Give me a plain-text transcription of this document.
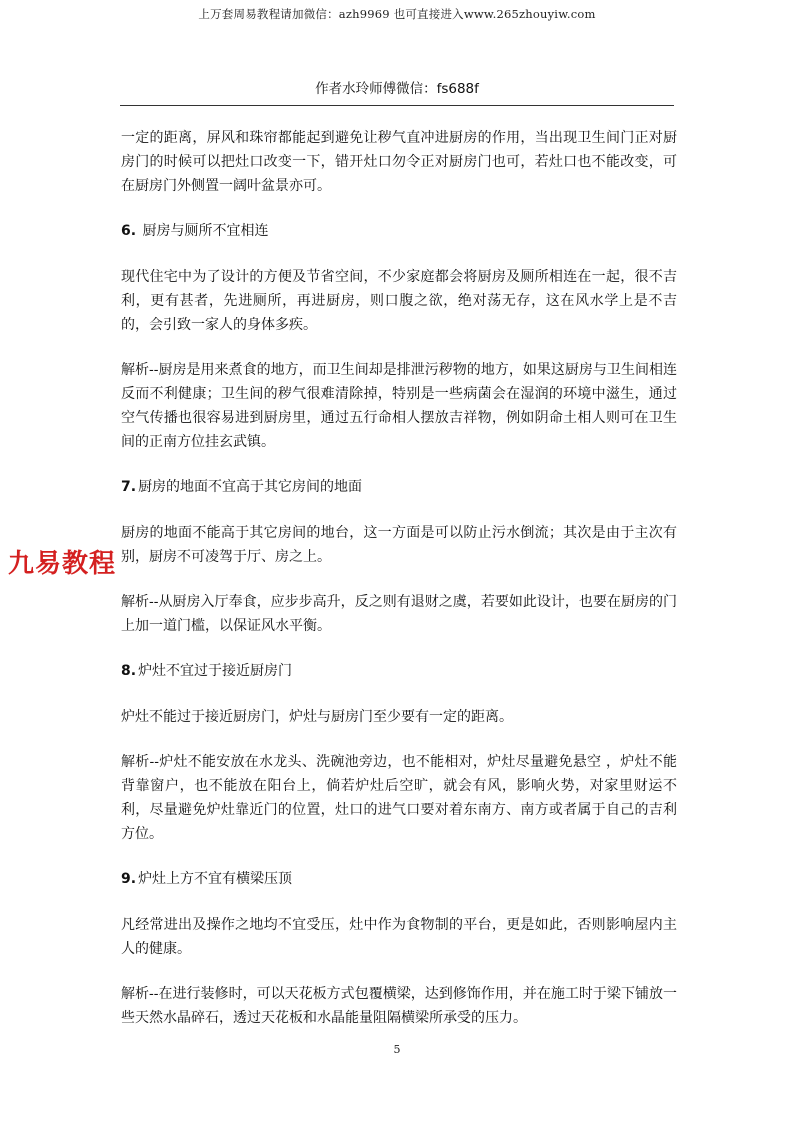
上万套周易教程请加微信：azh9969 也可直接进入www.265zhouyiw.com
作者水玲师傅微信：fs688f

一定的距离，屏风和珠帘都能起到避免让秽气直冲进厨房的作用，当出现卫生间门正对厨房门的时候可以把灶口改变一下，错开灶口勿令正对厨房门也可，若灶口也不能改变，可在厨房门外侧置一阔叶盆景亦可。

6. 厨房与厕所不宜相连

现代住宅中为了设计的方便及节省空间，不少家庭都会将厨房及厕所相连在一起，很不吉利，更有甚者，先进厕所，再进厨房，则口腹之欲，绝对荡无存，这在风水学上是不吉的，会引致一家人的身体多疾。

解析--厨房是用来煮食的地方，而卫生间却是排泄污秽物的地方，如果这厨房与卫生间相连反而不利健康；卫生间的秽气很难清除掉，特别是一些病菌会在湿润的环境中滋生，通过空气传播也很容易进到厨房里，通过五行命相人摆放吉祥物，例如阴命土相人则可在卫生间的正南方位挂玄武镇。

7. 厨房的地面不宜高于其它房间的地面

厨房的地面不能高于其它房间的地台，这一方面是可以防止污水倒流；其次是由于主次有别，厨房不可凌驾于厅、房之上。

解析--从厨房入厅奉食，应步步高升，反之则有退财之虞，若要如此设计，也要在厨房的门上加一道门槛，以保证风水平衡。

8. 炉灶不宜过于接近厨房门

炉灶不能过于接近厨房门，炉灶与厨房门至少要有一定的距离。

解析--炉灶不能安放在水龙头、洗碗池旁边，也不能相对，炉灶尽量避免悬空 ，炉灶不能背靠窗户，也不能放在阳台上，倘若炉灶后空旷，就会有风，影响火势，对家里财运不利，尽量避免炉灶靠近门的位置，灶口的进气口要对着东南方、南方或者属于自己的吉利方位。

9. 炉灶上方不宜有横梁压顶

凡经常进出及操作之地均不宜受压，灶中作为食物制的平台，更是如此，否则影响屋内主人的健康。

解析--在进行装修时，可以天花板方式包覆横梁，达到修饰作用，并在施工时于梁下铺放一些天然水晶碎石，透过天花板和水晶能量阻隔横梁所承受的压力。

九易教程
5
